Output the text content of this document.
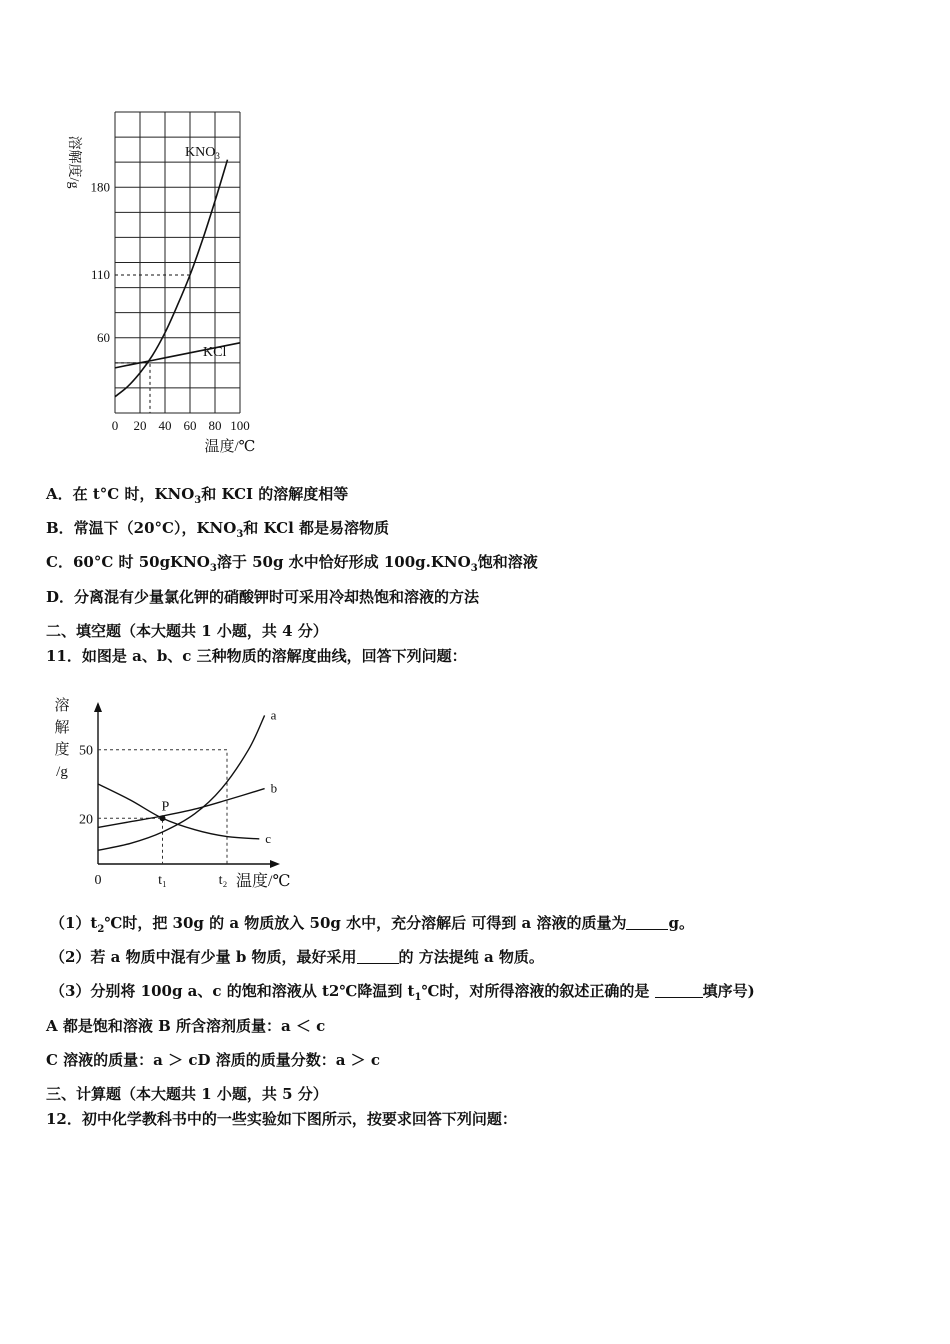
0 20 40 60 80 100
60
110
180
溶解度/g
温度/℃
$KNO_3$
KCl
A．在 t°C 时，$KNO_3$和 KCI 的溶解度相等
B．常温下（20°C），$KNO_3$和 KCl 都是易溶物质
C．60°C 时 50gKNO$_3$溶于 50g 水中恰好形成 $100g.KNO_3$饱和溶液
D．分离混有少量氯化钾的硝酸钾时可采用冷却热饱和溶液的方法
二、填空题（本大题共 1 小题，共 4 分）
11．如图是 a、b、c 三种物质的溶解度曲线，回答下列问题：
溶
解
度
/g
50
20
0	t₁	t₂ 温度/℃
a
b
c
P
$(1)t_2℃$时，把 30g 的 a 物质放入 50g 水中，充分溶解后 可得到 a 溶液的质量为	g。
（2）若 a 物质中混有少量 b 物质，最好采用	的 方法提纯 a 物质。
（3）分别将 100g a、c 的饱和溶液从 t2℃降温到 $t_1℃$时，对所得溶液的叙述正确的是	填序号)
A 都是饱和溶液 B 所含溶剂质量：a ＜ c
C 溶液的质量：a ＞ cD 溶质的质量分数：a ＞ c
三、计算题（本大题共 1 小题，共 5 分）
12．初中化学教科书中的一些实验如下图所示，按要求回答下列问题：
